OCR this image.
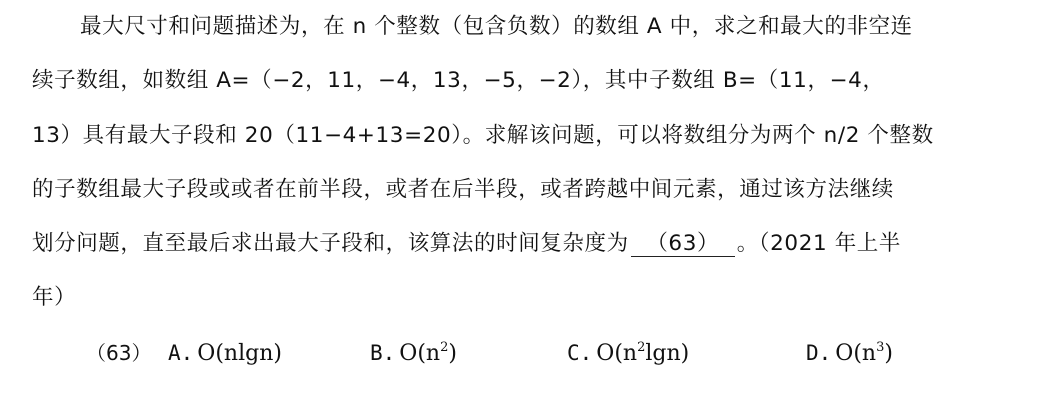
最大尺寸和问题描述为，在 n 个整数（包含负数）的数组 A 中，求之和最大的非空连
续子数组，如数组 A=（−2，11，−4，13，−5，−2），其中子数组 B=（11，−4，
13）具有最大子段和 20（11−4+13=20）。求解该问题，可以将数组分为两个 n/2 个整数
的子数组最大子段或或者在前半段，或者在后半段，或者跨越中间元素，通过该方法继续
划分问题，直至最后求出最大子段和，该算法的时间复杂度为 （63） 。（2021 年上半
年）
（63） A. O(nlgn)	B. $O(n^2)$	C. $O(n^2\lg n)$	D. $O(n^3)$
